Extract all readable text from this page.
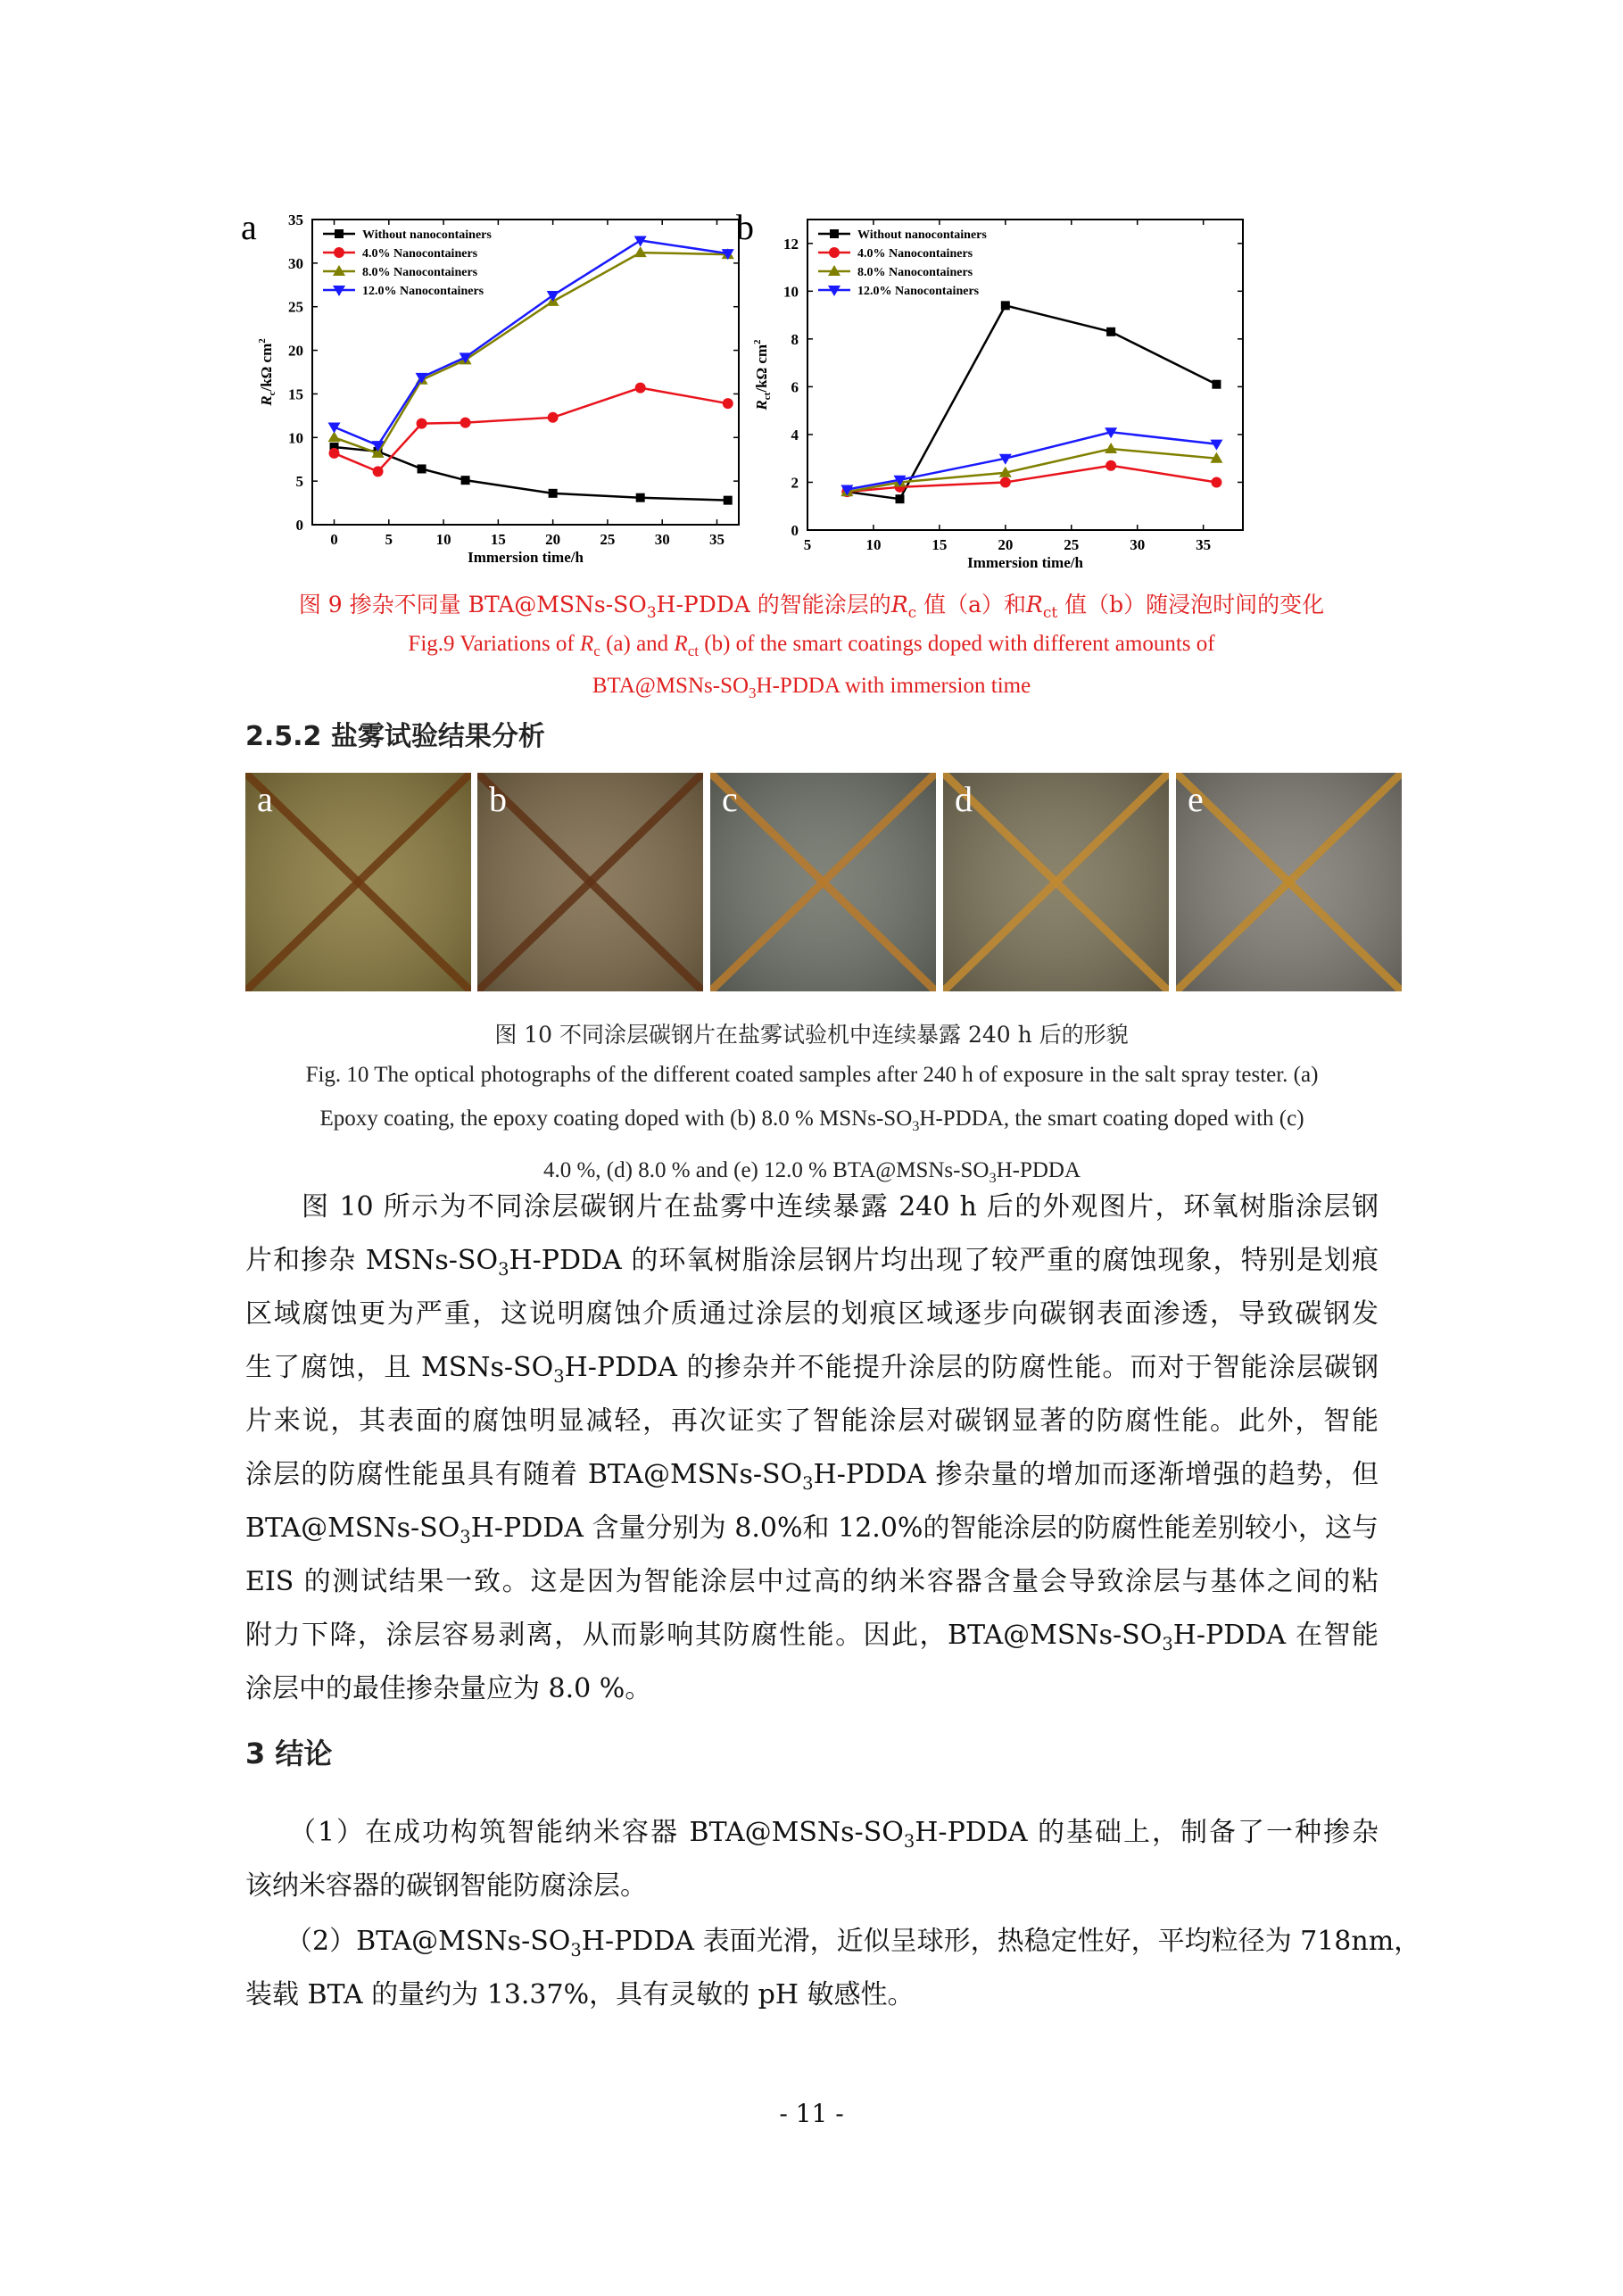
a
0
5
10
15
20
25
30
35
0	5	10	15	20	25	30	35
Immersion time/h
$R_c/k\Omega$ $cm^2$
Without nanocontainers
4.0% Nanocontainers
8.0% Nanocontainers
12.0% Nanocontainers
b
0
2
4
6
8
10
12
5	10	15	20	25	30	35
Immersion time/h
$R_{ct}/k\Omega$ $cm^2$
Without nanocontainers
4.0% Nanocontainers
8.0% Nanocontainers
12.0% Nanocontainers
图 9 掺杂不同量 $BTA@MSNs-SO_3H$-PDDA 的智能涂层的$R_c$ 值（a）和$R_{ct}$ 值（b）随浸泡时间的变化
Fig.9 Variations of $R_c$ (a) and $R_{ct}$ (b) of the smart coatings doped with different amounts of
$BTA@MSNs-SO_3H$-PDDA with immersion time
2.5.2 盐雾试验结果分析
a	b	c	d	e
图 10 不同涂层碳钢片在盐雾试验机中连续暴露 240 h 后的形貌
Fig. 10 The optical photographs of the different coated samples after 240 h of exposure in the salt spray tester. (a)
Epoxy coating, the epoxy coating doped with (b) 8.0 % MSNs-$SO_3H$-PDDA, the smart coating doped with (c)
4.0 %, (d) 8.0 % and (e) 12.0 % $BTA@MSNs-SO_3H$-PDDA
　　图 10 所示为不同涂层碳钢片在盐雾中连续暴露 240 h 后的外观图片，环氧树脂涂层钢
片和掺杂 MSNs-$SO_3H$-PDDA 的环氧树脂涂层钢片均出现了较严重的腐蚀现象，特别是划痕
区域腐蚀更为严重，这说明腐蚀介质通过涂层的划痕区域逐步向碳钢表面渗透，导致碳钢发
生了腐蚀，且 MSNs-$SO_3H$-PDDA 的掺杂并不能提升涂层的防腐性能。而对于智能涂层碳钢
片来说，其表面的腐蚀明显减轻，再次证实了智能涂层对碳钢显著的防腐性能。此外，智能
涂层的防腐性能虽具有随着 $BTA@MSNs-SO_3H$-PDDA 掺杂量的增加而逐渐增强的趋势，但
$BTA@MSNs-SO_3H$-PDDA 含量分别为 8.0%和 12.0%的智能涂层的防腐性能差别较小，这与
EIS 的测试结果一致。这是因为智能涂层中过高的纳米容器含量会导致涂层与基体之间的粘
附力下降，涂层容易剥离，从而影响其防腐性能。因此，$BTA@MSNs-SO_3H$-PDDA 在智能
涂层中的最佳掺杂量应为 8.0 %。
3 结论
　　（1）在成功构筑智能纳米容器 $BTA@MSNs-SO_3H$-PDDA 的基础上，制备了一种掺杂
该纳米容器的碳钢智能防腐涂层。
　　$(2)BTA@MSNs-SO_3H$-PDDA 表面光滑，近似呈球形，热稳定性好，平均粒径为 718nm，
装载 BTA 的量约为 13.37%，具有灵敏的 pH 敏感性。
- 11 -
